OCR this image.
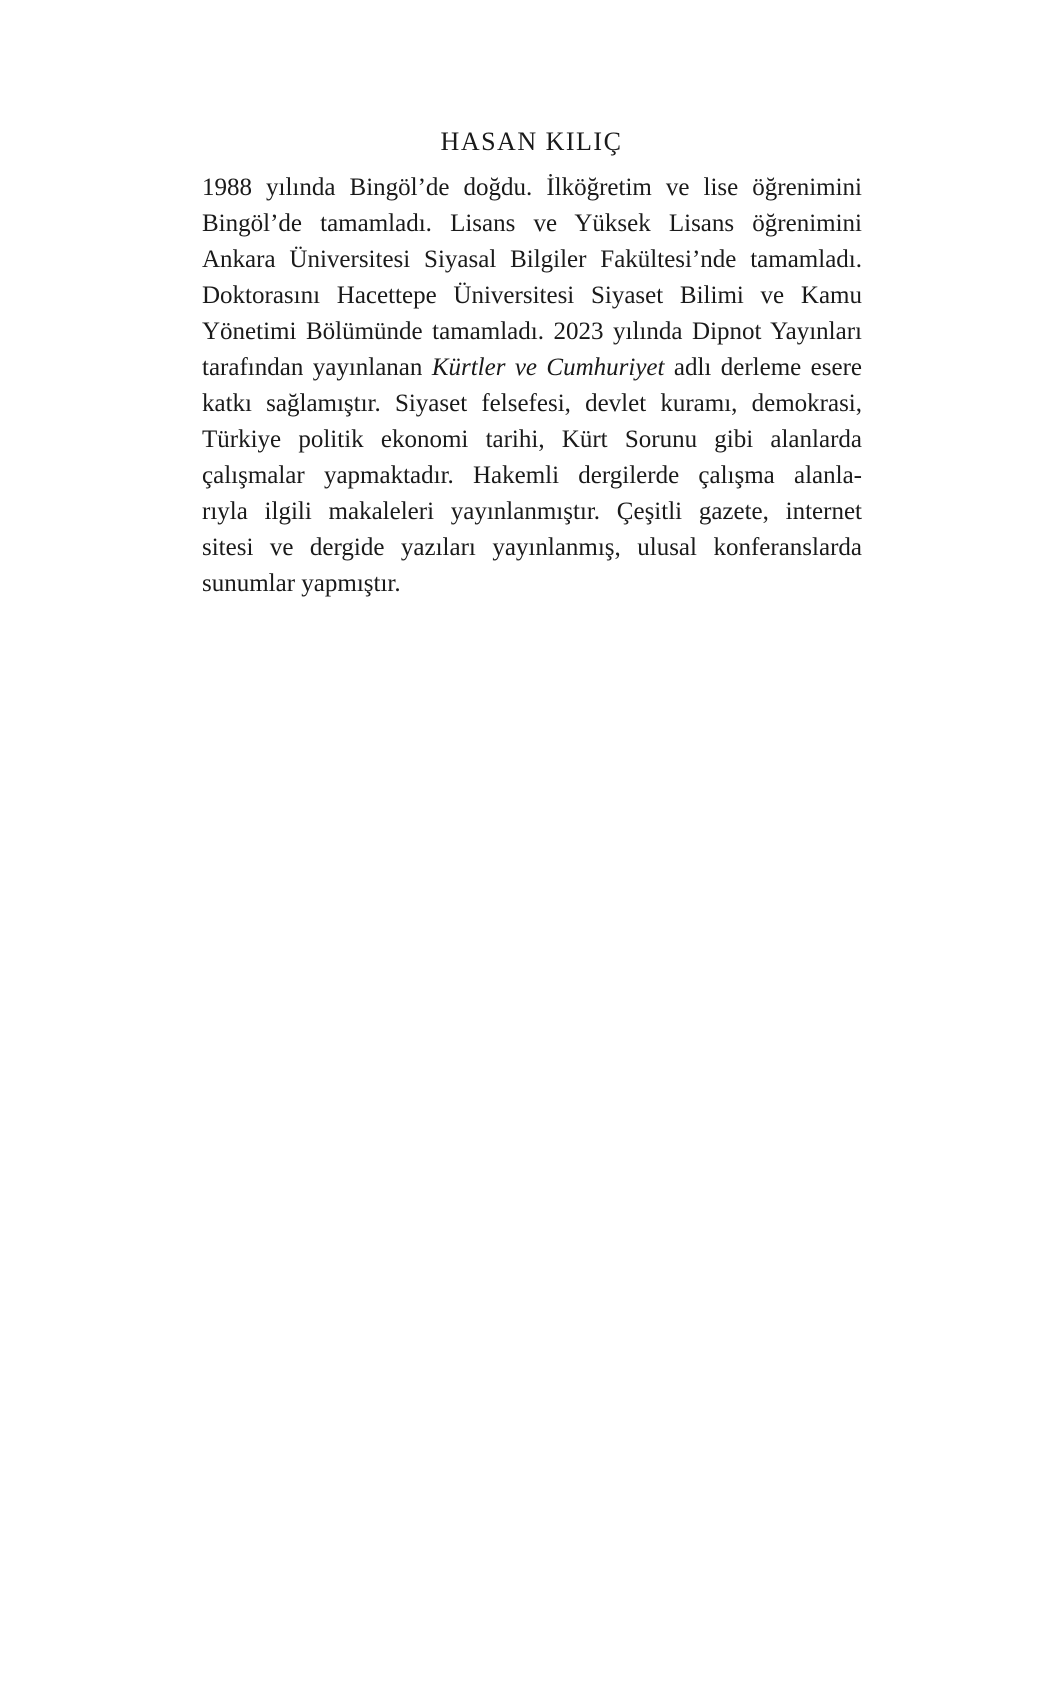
HASAN KILIÇ
1988 yılında Bingöl’de doğdu. İlköğretim ve lise öğrenimini
Bingöl’de tamamladı. Lisans ve Yüksek Lisans öğrenimini
Ankara Üniversitesi Siyasal Bilgiler Fakültesi’nde tamamladı.
Doktorasını Hacettepe Üniversitesi Siyaset Bilimi ve Kamu
Yönetimi Bölümünde tamamladı. 2023 yılında Dipnot Yayınları
tarafından yayınlanan Kürtler ve Cumhuriyet adlı derleme esere
katkı sağlamıştır. Siyaset felsefesi, devlet kuramı, demokrasi,
Türkiye politik ekonomi tarihi, Kürt Sorunu gibi alanlarda
çalışmalar yapmaktadır. Hakemli dergilerde çalışma alanla-
rıyla ilgili makaleleri yayınlanmıştır. Çeşitli gazete, internet
sitesi ve dergide yazıları yayınlanmış, ulusal konferanslarda
sunumlar yapmıştır.
